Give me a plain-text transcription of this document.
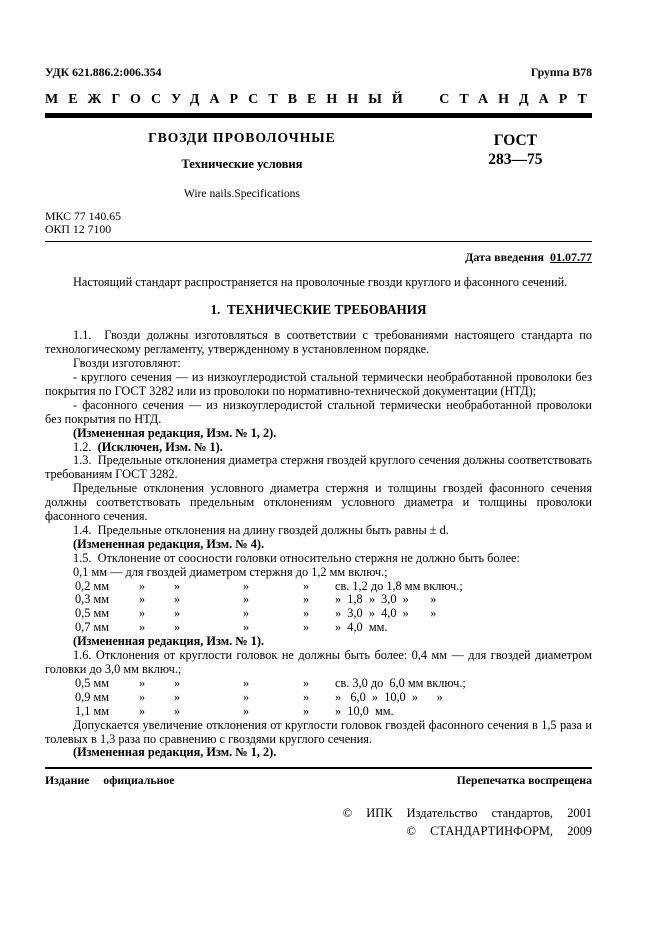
УДК 621.886.2:006.354	Группа В78
МЕЖГОСУДАРСТВЕННЫЙ СТАНДАРТ
ГВОЗДИ ПРОВОЛОЧНЫЕ
Технические условия
Wire nails.Specifications
ГОСТ
283—75
МКС 77 140.65
ОКП 12 7100
Дата введения 01.07.77
Настоящий стандарт распространяется на проволочные гвозди круглого и фасонного сечений.
1.  ТЕХНИЧЕСКИЕ ТРЕБОВАНИЯ
1.1.  Гвозди должны изготовляться в соответствии с требованиями настоящего стандарта по технологическому регламенту, утвержденному в установленном порядке.
Гвозди изготовляют:
- круглого сечения — из низкоуглеродистой стальной термически необработанной проволоки без покрытия по ГОСТ 3282 или из проволоки по нормативно-технической документации (НТД);
- фасонного сечения — из низкоуглеродистой стальной термически необработанной проволоки без покрытия по НТД.
(Измененная редакция, Изм. № 1, 2).
1.2.  (Исключен, Изм. № 1).
1.3.  Предельные отклонения диаметра стержня гвоздей круглого сечения должны соответствовать требованиям ГОСТ 3282.
Предельные отклонения условного диаметра стержня и толщины гвоздей фасонного сечения должны соответствовать предельным отклонениям условного диаметра и толщины проволоки фасонного сечения.
1.4.  Предельные отклонения на длину гвоздей должны быть равны ± d.
(Измененная редакция, Изм. № 4).
1.5.  Отклонение от соосности головки относительно стержня не должно быть более:
0,1 мм — для гвоздей диаметром стержня до 1,2 мм включ.;
0,2 мм	»	»	»	»	св. 1,2 до 1,8 мм включ.;
0,3 мм	»	»	»	»	»  1,8  »  3,0  »       »
0,5 мм	»	»	»	»	»  3,0  »  4,0  »       »
0,7 мм	»	»	»	»	»  4,0  мм.
(Измененная редакция, Изм. № 1).
1.6. Отклонения от круглости головок не должны быть более: 0,4 мм — для гвоздей диаметром головки до 3,0 мм включ.;
0,5 мм	»	»	»	»	св. 3,0 до  6,0 мм включ.;
0,9 мм	»	»	»	»	»   6,0  »  10,0  »      »
1,1 мм	»	»	»	»	»  10,0  мм.
Допускается увеличение отклонения от круглости головок гвоздей фасонного сечения в 1,5 раза и толевых в 1,3 раза по сравнению с гвоздями круглого сечения.
(Измененная редакция, Изм. № 1, 2).
Издание  официальное	Перепечатка воспрещена
©  ИПК  Издательство  стандартов,  2001
©  СТАНДАРТИНФОРМ,  2009
